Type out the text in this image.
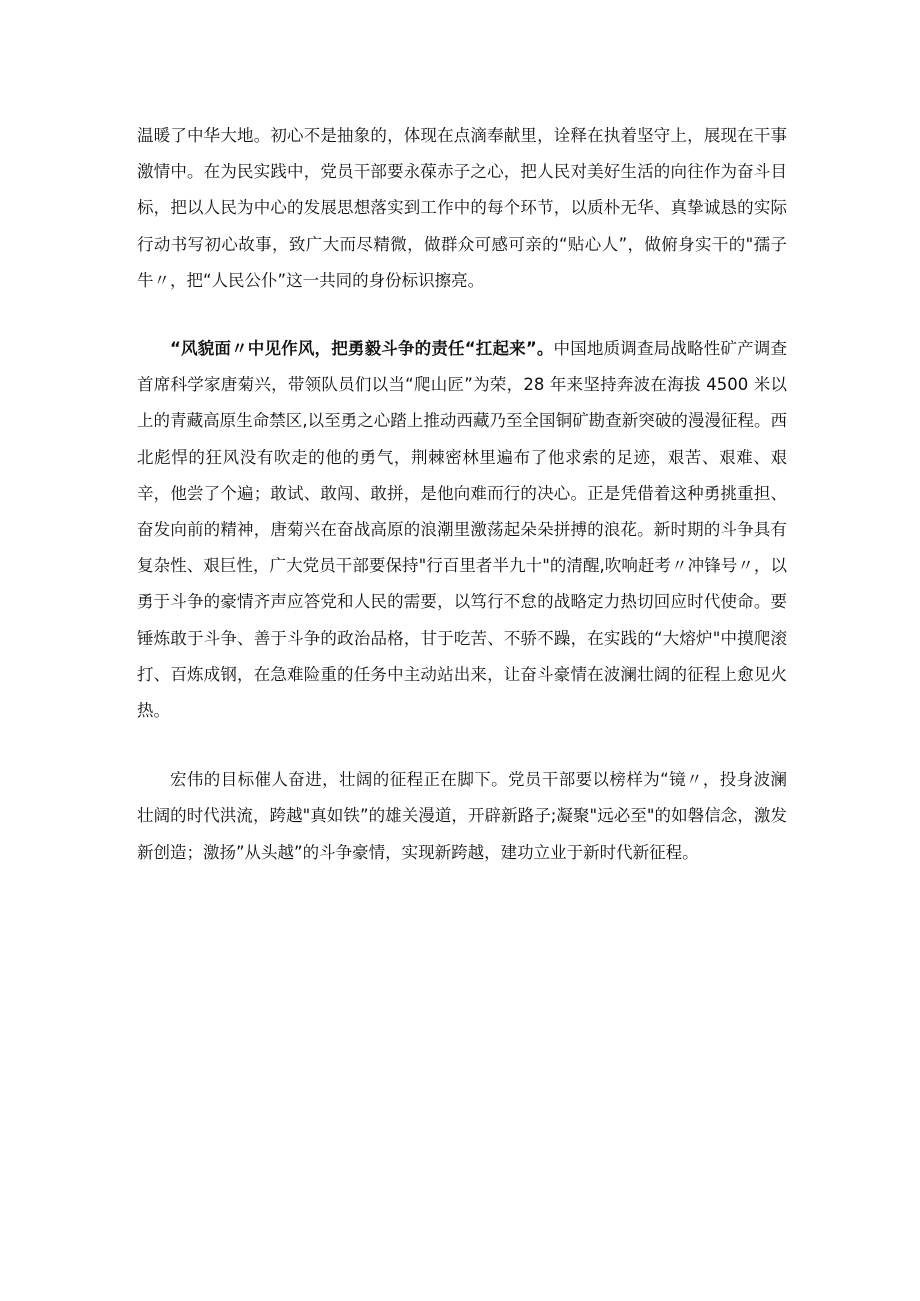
温暖了中华大地。初心不是抽象的，体现在点滴奉献里，诠释在执着坚守上，展现在干事激情中。在为民实践中，党员干部要永葆赤子之心，把人民对美好生活的向往作为奋斗目标，把以人民为中心的发展思想落实到工作中的每个环节，以质朴无华、真挚诚恳的实际行动书写初心故事，致广大而尽精微，做群众可感可亲的“贴心人”，做俯身实干的"孺子牛〃，把“人民公仆”这一共同的身份标识擦亮。

“风貌面〃中见作风，把勇毅斗争的责任“扛起来”。中国地质调查局战略性矿产调查首席科学家唐菊兴，带领队员们以当“爬山匠”为荣，28 年来坚持奔波在海拔 4500 米以上的青藏高原生命禁区,以至勇之心踏上推动西藏乃至全国铜矿勘查新突破的漫漫征程。西北彪悍的狂风没有吹走的他的勇气，荆棘密林里遍布了他求索的足迹，艰苦、艰难、艰辛，他尝了个遍；敢试、敢闯、敢拼，是他向难而行的决心。正是凭借着这种勇挑重担、奋发向前的精神，唐菊兴在奋战高原的浪潮里激荡起朵朵拼搏的浪花。新时期的斗争具有复杂性、艰巨性，广大党员干部要保持"行百里者半九十"的清醒,吹响赶考〃冲锋号〃，以勇于斗争的豪情齐声应答党和人民的需要，以笃行不怠的战略定力热切回应时代使命。要锤炼敢于斗争、善于斗争的政治品格，甘于吃苦、不骄不躁，在实践的“大熔炉"中摸爬滚打、百炼成钢，在急难险重的任务中主动站出来，让奋斗豪情在波澜壮阔的征程上愈见火热。

宏伟的目标催人奋进，壮阔的征程正在脚下。党员干部要以榜样为“镜〃，投身波澜壮阔的时代洪流，跨越"真如铁”的雄关漫道，开辟新路子;凝聚"远必至"的如磐信念，激发新创造；激扬”从头越”的斗争豪情，实现新跨越，建功立业于新时代新征程。
